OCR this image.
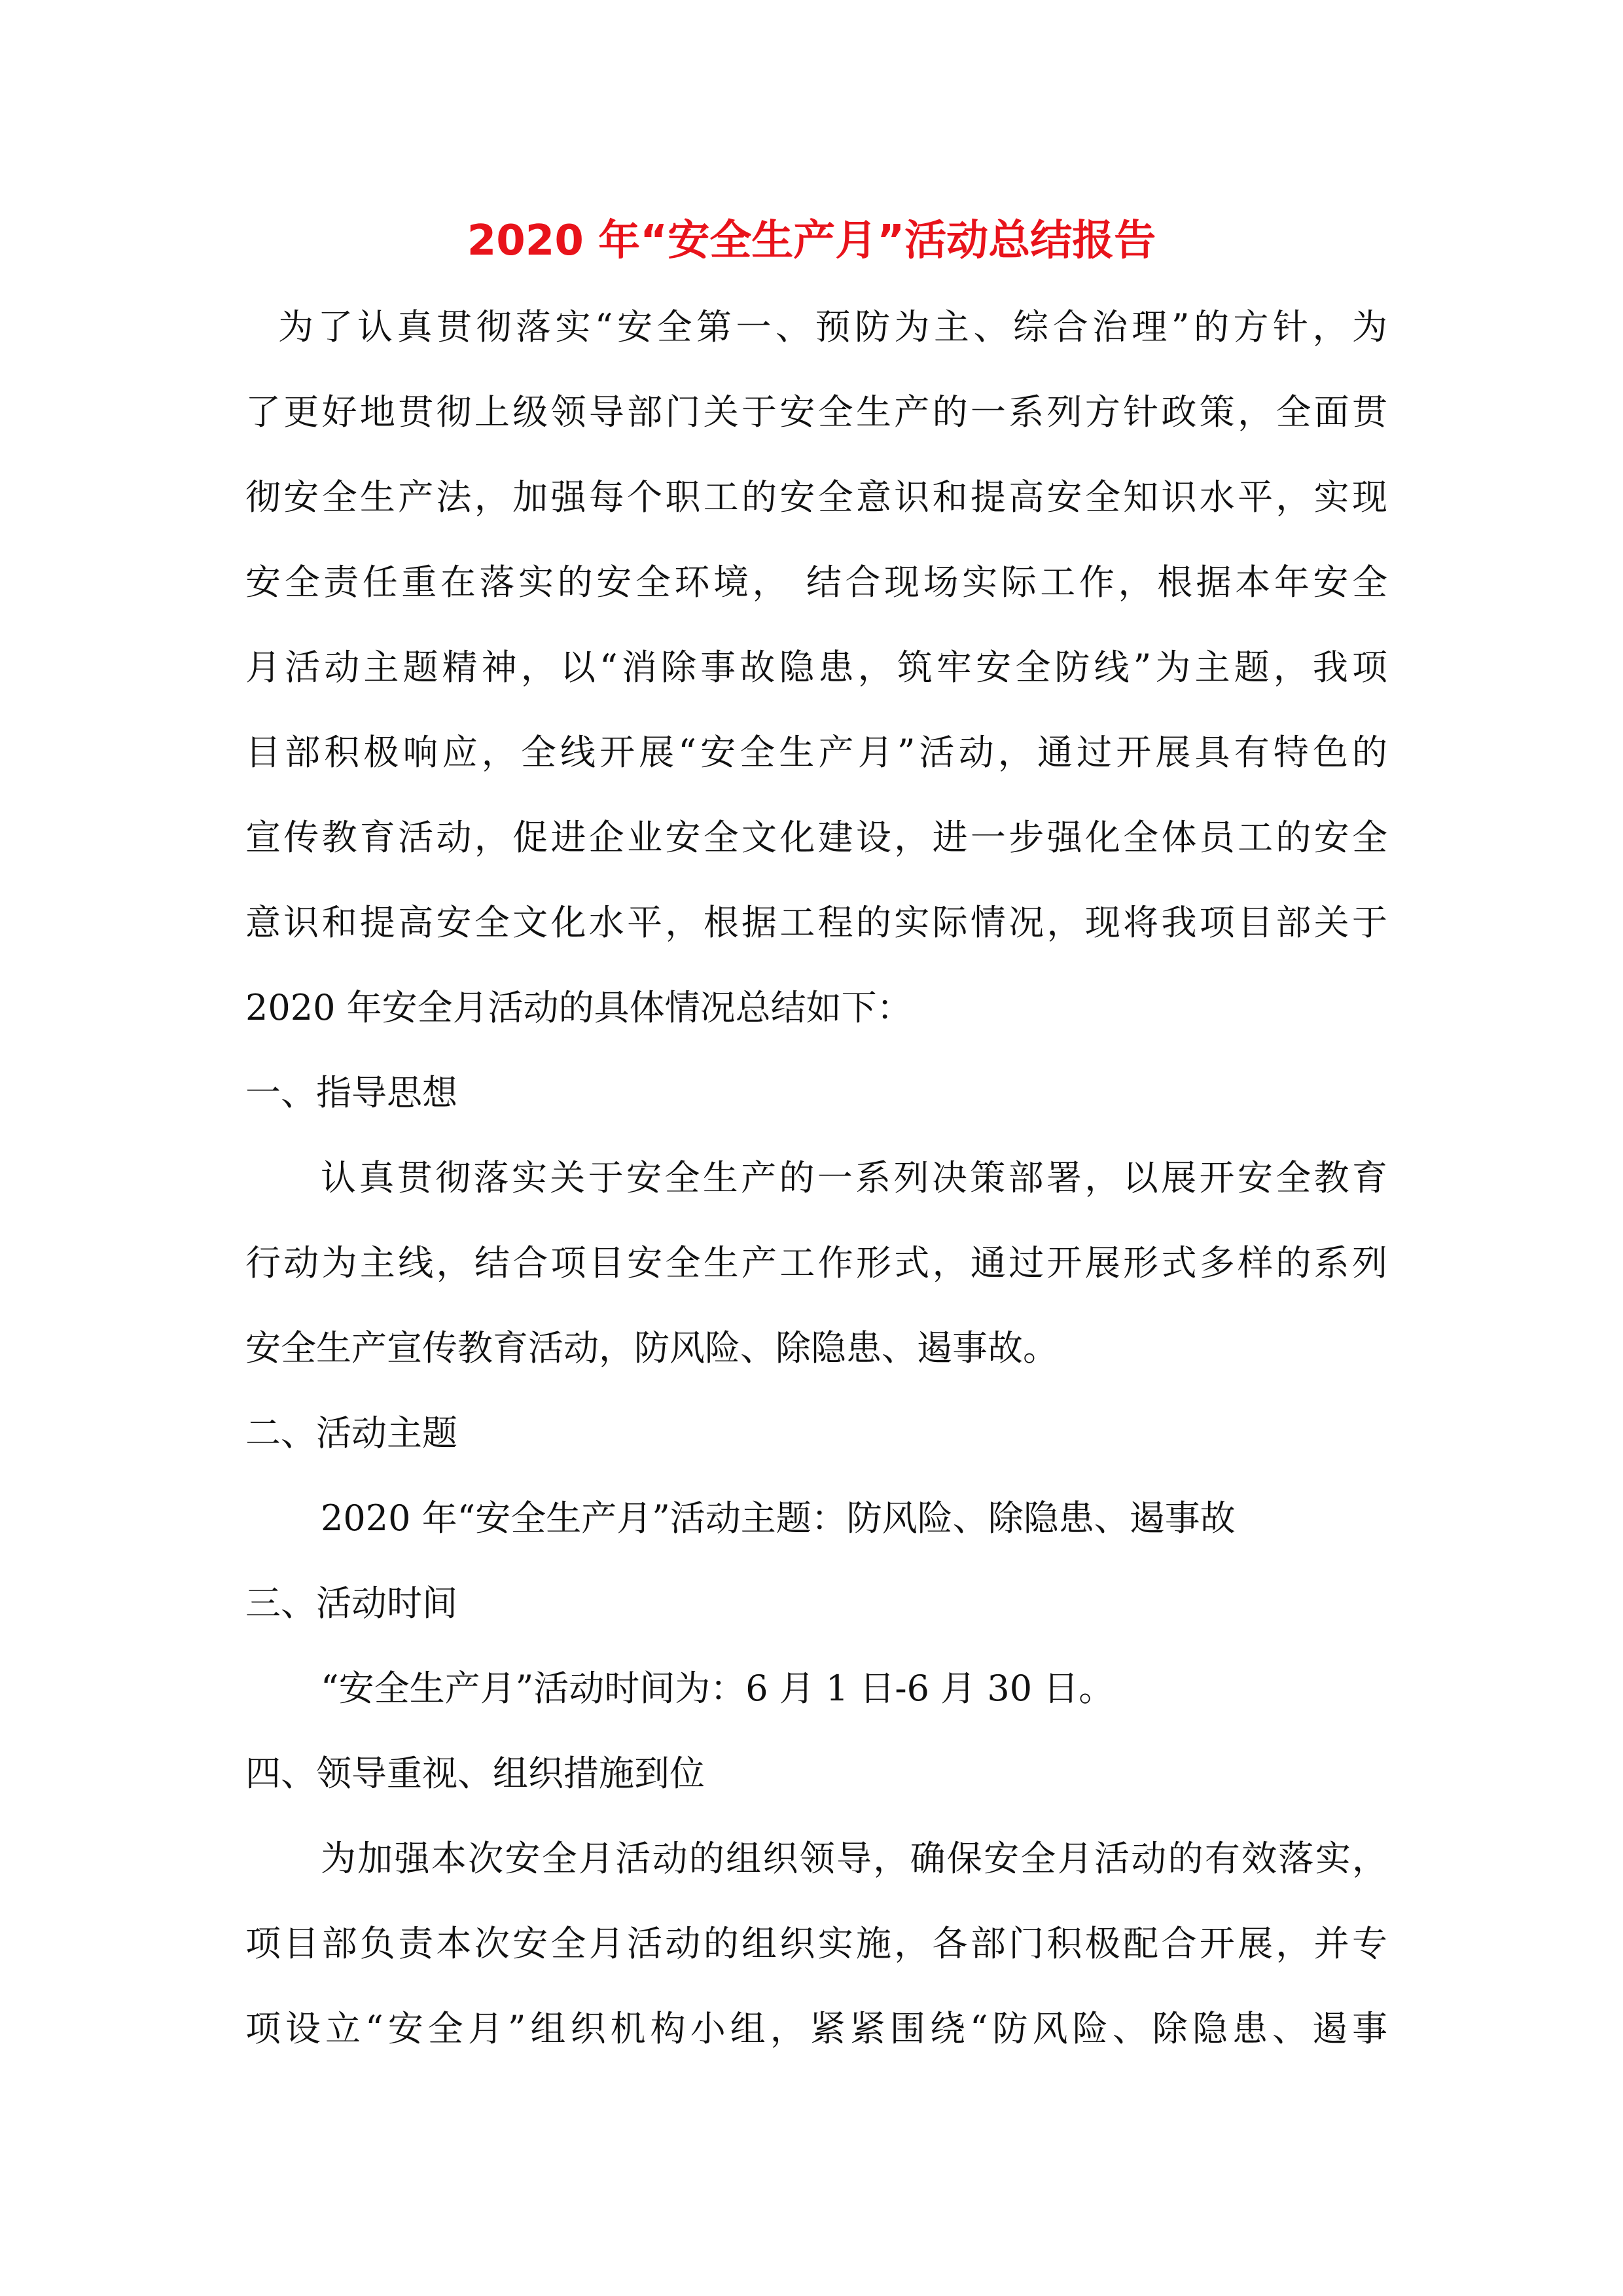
2020 年“安全生产月”活动总结报告

为了认真贯彻落实“安全第一、预防为主、综合治理”的方针，为

了更好地贯彻上级领导部门关于安全生产的一系列方针政策，全面贯

彻安全生产法，加强每个职工的安全意识和提高安全知识水平，实现

安全责任重在落实的安全环境， 结合现场实际工作，根据本年安全

月活动主题精神，以“消除事故隐患，筑牢安全防线”为主题，我项

目部积极响应，全线开展“安全生产月”活动，通过开展具有特色的

宣传教育活动，促进企业安全文化建设，进一步强化全体员工的安全

意识和提高安全文化水平，根据工程的实际情况，现将我项目部关于

2020 年安全月活动的具体情况总结如下：

一、指导思想

认真贯彻落实关于安全生产的一系列决策部署，以展开安全教育

行动为主线，结合项目安全生产工作形式，通过开展形式多样的系列

安全生产宣传教育活动，防风险、除隐患、遏事故。

二、活动主题

2020 年“安全生产月”活动主题：防风险、除隐患、遏事故

三、活动时间

“安全生产月”活动时间为：6 月 1 日-6 月 30 日。

四、领导重视、组织措施到位

为加强本次安全月活动的组织领导，确保安全月活动的有效落实，

项目部负责本次安全月活动的组织实施，各部门积极配合开展，并专

项设立“安全月”组织机构小组，紧紧围绕“防风险、除隐患、遏事
